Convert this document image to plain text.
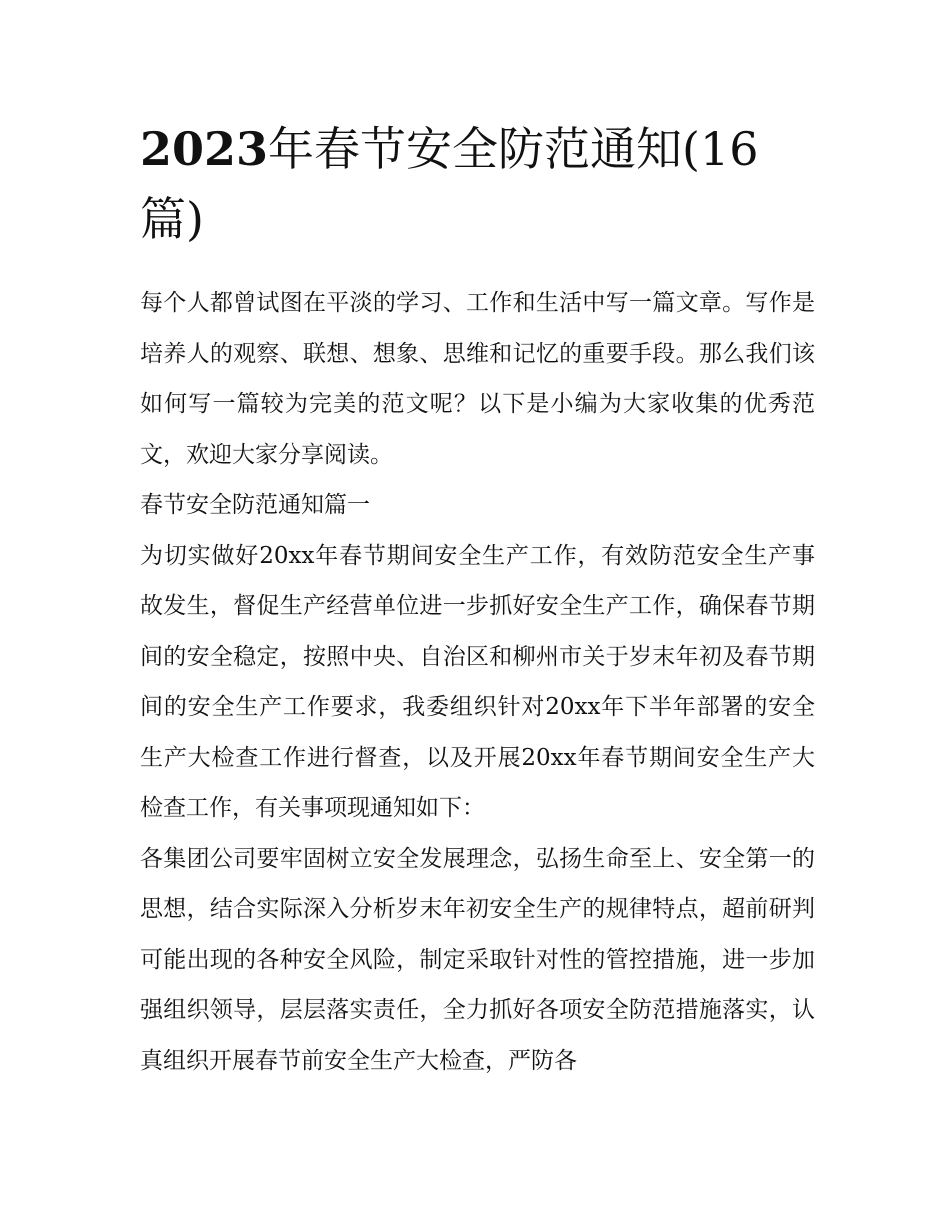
2023年春节安全防范通知(16篇)

每个人都曾试图在平淡的学习、工作和生活中写一篇文章。写作是培养人的观察、联想、想象、思维和记忆的重要手段。那么我们该如何写一篇较为完美的范文呢？以下是小编为大家收集的优秀范文，欢迎大家分享阅读。

春节安全防范通知篇一

为切实做好20xx年春节期间安全生产工作，有效防范安全生产事故发生，督促生产经营单位进一步抓好安全生产工作，确保春节期间的安全稳定，按照中央、自治区和柳州市关于岁末年初及春节期间的安全生产工作要求，我委组织针对20xx年下半年部署的安全生产大检查工作进行督查，以及开展20xx年春节期间安全生产大检查工作，有关事项现通知如下：

各集团公司要牢固树立安全发展理念，弘扬生命至上、安全第一的思想，结合实际深入分析岁末年初安全生产的规律特点，超前研判可能出现的各种安全风险，制定采取针对性的管控措施，进一步加强组织领导，层层落实责任，全力抓好各项安全防范措施落实，认真组织开展春节前安全生产大检查，严防各
